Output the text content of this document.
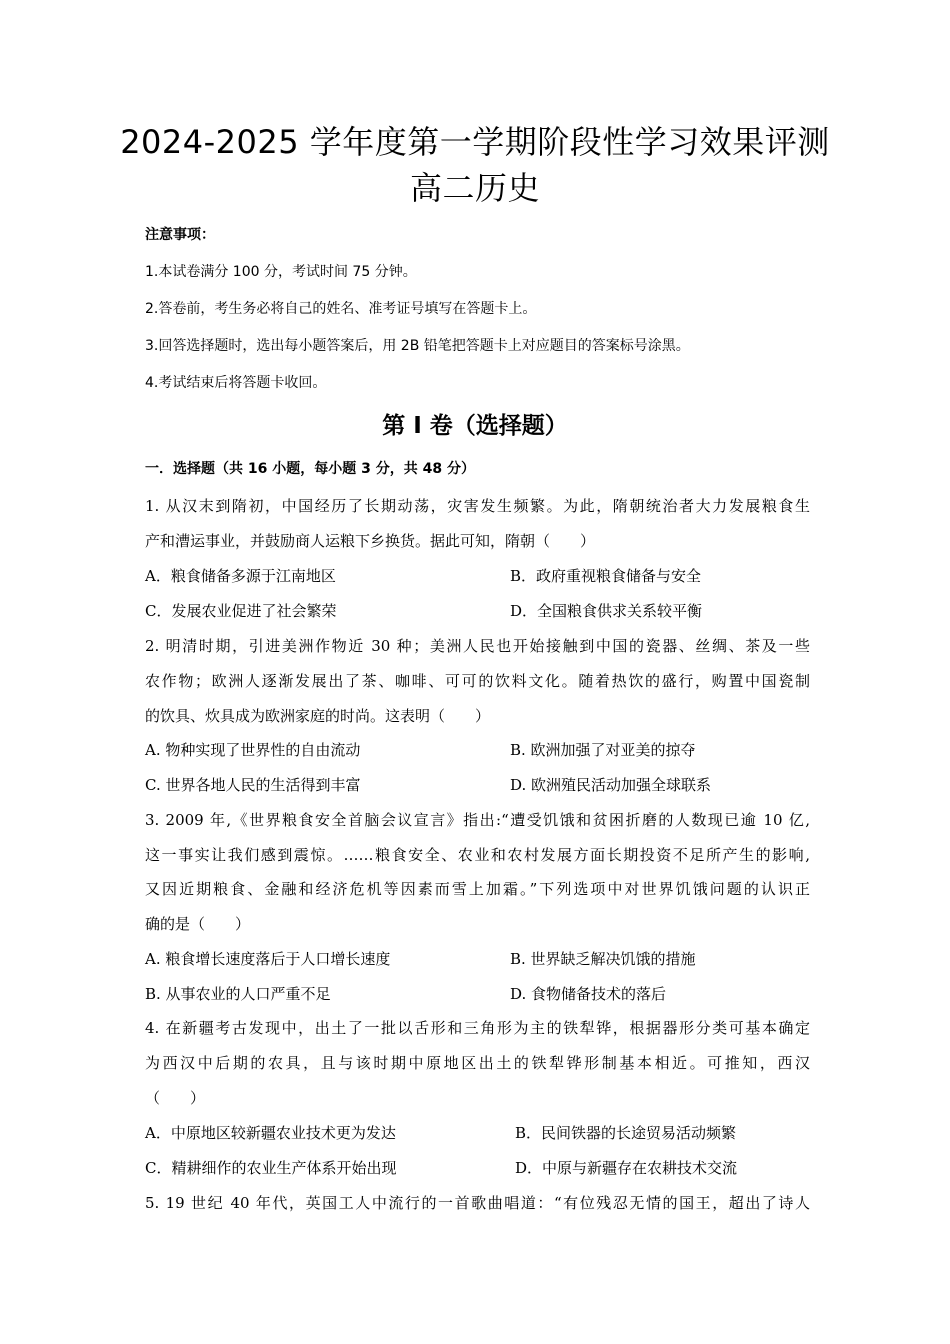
2024-2025 学年度第一学期阶段性学习效果评测
高二历史
注意事项：
1.本试卷满分 100 分，考试时间 75 分钟。
2.答卷前，考生务必将自己的姓名、准考证号填写在答题卡上。
3.回答选择题时，选出每小题答案后，用 2B 铅笔把答题卡上对应题目的答案标号涂黑。
4.考试结束后将答题卡收回。
第 I 卷（选择题）
一．选择题（共 16 小题，每小题 3 分，共 48 分）
1. 从汉末到隋初，中国经历了长期动荡，灾害发生频繁。为此，隋朝统治者大力发展粮食生
产和漕运事业，并鼓励商人运粮下乡换货。据此可知，隋朝（　　）
A．粮食储备多源于江南地区	B．政府重视粮食储备与安全
C．发展农业促进了社会繁荣	D．全国粮食供求关系较平衡
2. 明清时期，引进美洲作物近 30 种；美洲人民也开始接触到中国的瓷器、丝绸、茶及一些
农作物；欧洲人逐渐发展出了茶、咖啡、可可的饮料文化。随着热饮的盛行，购置中国瓷制
的饮具、炊具成为欧洲家庭的时尚。这表明（　　）
A. 物种实现了世界性的自由流动	B. 欧洲加强了对亚美的掠夺
C. 世界各地人民的生活得到丰富	D. 欧洲殖民活动加强全球联系
3. 2009 年,《世界粮食安全首脑会议宣言》指出:“遭受饥饿和贫困折磨的人数现已逾 10 亿,
这一事实让我们感到震惊。……粮食安全、农业和农村发展方面长期投资不足所产生的影响,
又因近期粮食、金融和经济危机等因素而雪上加霜。”下列选项中对世界饥饿问题的认识正
确的是（　　）
A. 粮食增长速度落后于人口增长速度	B. 世界缺乏解决饥饿的措施
B. 从事农业的人口严重不足	D. 食物储备技术的落后
4. 在新疆考古发现中，出土了一批以舌形和三角形为主的铁犁铧，根据器形分类可基本确定
为西汉中后期的农具，且与该时期中原地区出土的铁犁铧形制基本相近。可推知，西汉
（　　）
A．中原地区较新疆农业技术更为发达	B．民间铁器的长途贸易活动频繁
C．精耕细作的农业生产体系开始出现	D．中原与新疆存在农耕技术交流
5. 19 世纪 40 年代，英国工人中流行的一首歌曲唱道：“有位残忍无情的国王，超出了诗人
